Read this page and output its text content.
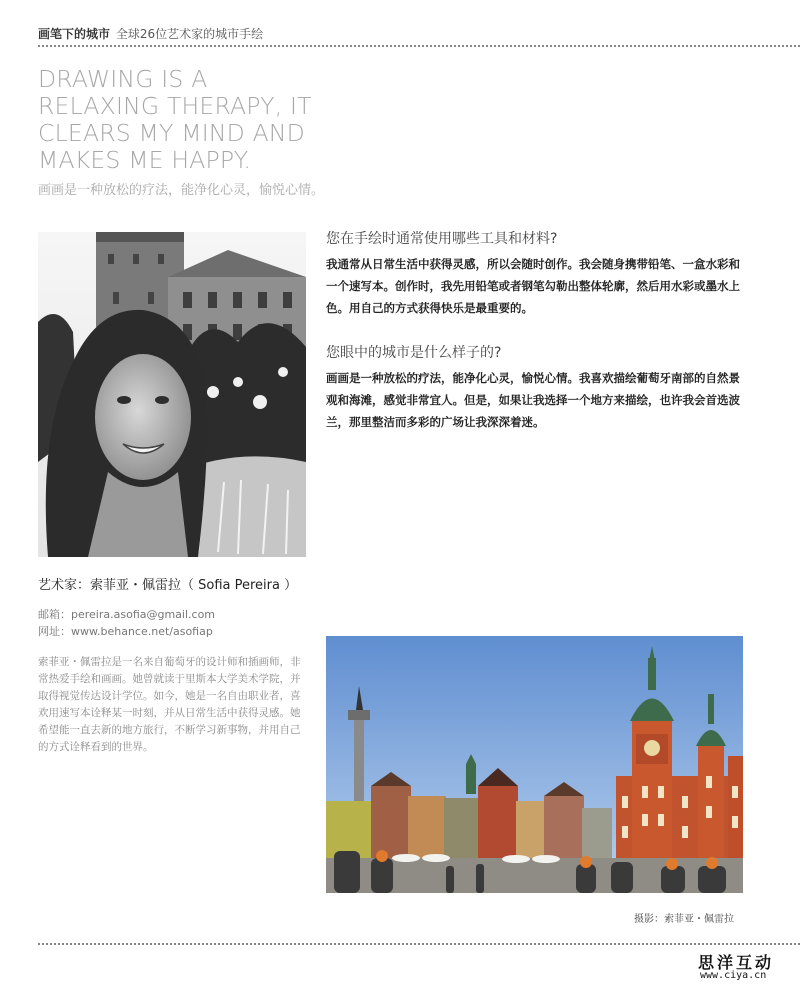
画笔下的城市 全球26位艺术家的城市手绘
DRAWING IS A RELAXING THERAPY, IT CLEARS MY MIND AND MAKES ME HAPPY.
画画是一种放松的疗法，能净化心灵，愉悦心情。
您在手绘时通常使用哪些工具和材料?
我通常从日常生活中获得灵感，所以会随时创作。我会随身携带铅笔、一盒水彩和一个速写本。创作时，我先用铅笔或者钢笔勾勒出整体轮廓，然后用水彩或墨水上色。用自己的方式获得快乐是最重要的。
您眼中的城市是什么样子的?
画画是一种放松的疗法，能净化心灵，愉悦心情。我喜欢描绘葡萄牙南部的自然景观和海滩，感觉非常宜人。但是，如果让我选择一个地方来描绘，也许我会首选波兰，那里整洁而多彩的广场让我深深着迷。
艺术家：索菲亚・佩雷拉（ Sofia Pereira ）
邮箱：pereira.asofia@gmail.com
网址：www.behance.net/asofiap
索菲亚・佩雷拉是一名来自葡萄牙的设计师和插画师，非常热爱手绘和画画。她曾就读于里斯本大学美术学院，并取得视觉传达设计学位。如今，她是一名自由职业者，喜欢用速写本诠释某一时刻，并从日常生活中获得灵感。她希望能一直去新的地方旅行，不断学习新事物，并用自己的方式诠释看到的世界。
摄影：索菲亚・佩雷拉
思洋互动
www.ciya.cn
